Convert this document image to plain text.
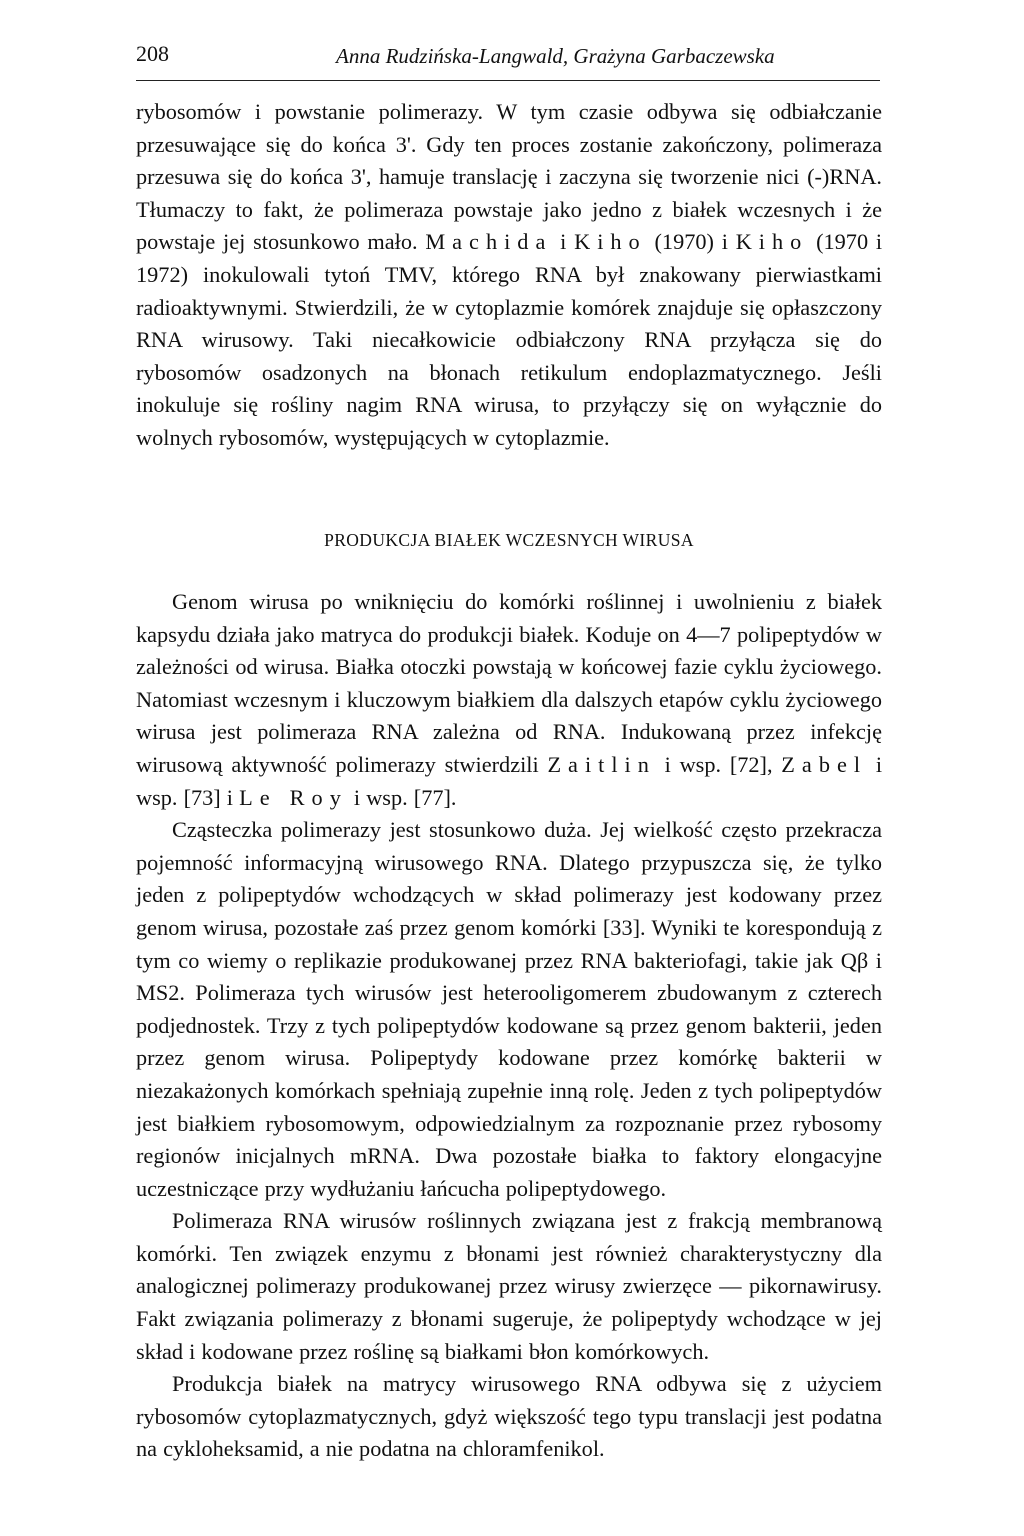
208	Anna Rudzińska-Langwald, Grażyna Garbaczewska

rybosomów i powstanie polimerazy. W tym czasie odbywa się odbiałczanie przesuwające się do końca 3'. Gdy ten proces zostanie zakończony, polimeraza przesuwa się do końca 3', hamuje translację i zaczyna się tworzenie nici (-)RNA. Tłumaczy to fakt, że polimeraza powstaje jako jedno z białek wczesnych i że powstaje jej stosunkowo mało. Machida i Kiho (1970) i Kiho (1970 i 1972) inokulowali tytoń TMV, którego RNA był znakowany pierwiastkami radioaktywnymi. Stwierdzili, że w cytoplazmie komórek znajduje się opłaszczony RNA wirusowy. Taki niecałkowicie odbiałczony RNA przyłącza się do rybosomów osadzonych na błonach retikulum endoplazmatycznego. Jeśli inokuluje się rośliny nagim RNA wirusa, to przyłączy się on wyłącznie do wolnych rybosomów, występujących w cytoplazmie.

PRODUKCJA BIAŁEK WCZESNYCH WIRUSA

Genom wirusa po wniknięciu do komórki roślinnej i uwolnieniu z białek kapsydu działa jako matryca do produkcji białek. Koduje on 4—7 polipeptydów w zależności od wirusa. Białka otoczki powstają w końcowej fazie cyklu życiowego. Natomiast wczesnym i kluczowym białkiem dla dalszych etapów cyklu życiowego wirusa jest polimeraza RNA zależna od RNA. Indukowaną przez infekcję wirusową aktywność polimerazy stwierdzili Zaitlin i wsp. [72], Zabel i wsp. [73] i Le Roy i wsp. [77].

Cząsteczka polimerazy jest stosunkowo duża. Jej wielkość często przekracza pojemność informacyjną wirusowego RNA. Dlatego przypuszcza się, że tylko jeden z polipeptydów wchodzących w skład polimerazy jest kodowany przez genom wirusa, pozostałe zaś przez genom komórki [33]. Wyniki te korespondują z tym co wiemy o replikazie produkowanej przez RNA bakteriofagi, takie jak Qβ i MS2. Polimeraza tych wirusów jest heterooligomerem zbudowanym z czterech podjednostek. Trzy z tych polipeptydów kodowane są przez genom bakterii, jeden przez genom wirusa. Polipeptydy kodowane przez komórkę bakterii w niezakażonych komórkach spełniają zupełnie inną rolę. Jeden z tych polipeptydów jest białkiem rybosomowym, odpowiedzialnym za rozpoznanie przez rybosomy regionów inicjalnych mRNA. Dwa pozostałe białka to faktory elongacyjne uczestniczące przy wydłużaniu łańcucha polipeptydowego.

Polimeraza RNA wirusów roślinnych związana jest z frakcją membranową komórki. Ten związek enzymu z błonami jest również charakterystyczny dla analogicznej polimerazy produkowanej przez wirusy zwierzęce — pikornawirusy. Fakt związania polimerazy z błonami sugeruje, że polipeptydy wchodzące w jej skład i kodowane przez roślinę są białkami błon komórkowych.

Produkcja białek na matrycy wirusowego RNA odbywa się z użyciem rybosomów cytoplazmatycznych, gdyż większość tego typu translacji jest podatna na cykloheksamid, a nie podatna na chloramfenikol.
